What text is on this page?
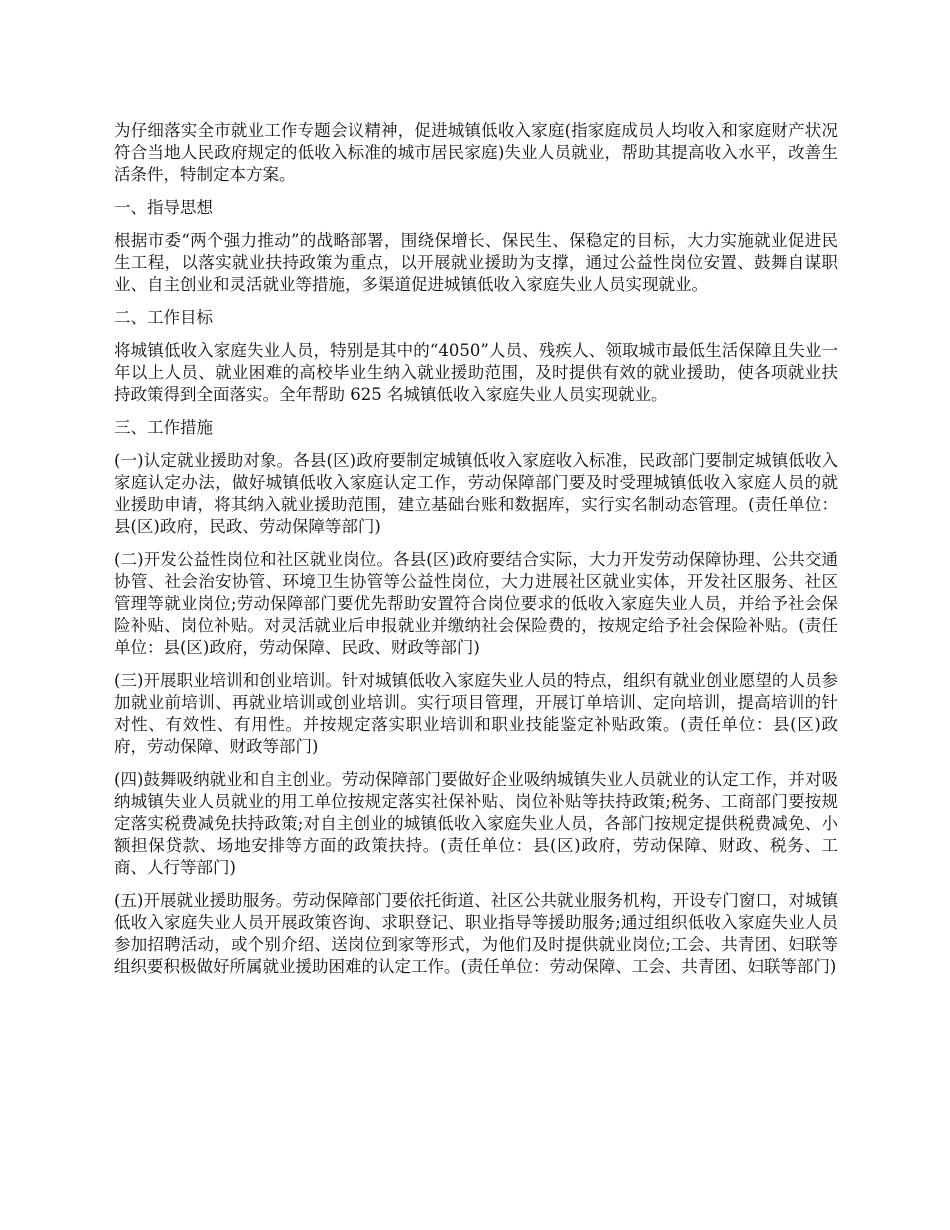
为仔细落实全市就业工作专题会议精神，促进城镇低收入家庭(指家庭成员人均收入和家庭财产状况符合当地人民政府规定的低收入标准的城市居民家庭)失业人员就业，帮助其提高收入水平，改善生活条件，特制定本方案。

一、指导思想

根据市委“两个强力推动”的战略部署，围绕保增长、保民生、保稳定的目标，大力实施就业促进民生工程，以落实就业扶持政策为重点，以开展就业援助为支撑，通过公益性岗位安置、鼓舞自谋职业、自主创业和灵活就业等措施，多渠道促进城镇低收入家庭失业人员实现就业。

二、工作目标

将城镇低收入家庭失业人员，特别是其中的“4050”人员、残疾人、领取城市最低生活保障且失业一年以上人员、就业困难的高校毕业生纳入就业援助范围，及时提供有效的就业援助，使各项就业扶持政策得到全面落实。全年帮助 625 名城镇低收入家庭失业人员实现就业。

三、工作措施

(一)认定就业援助对象。各县(区)政府要制定城镇低收入家庭收入标准，民政部门要制定城镇低收入家庭认定办法，做好城镇低收入家庭认定工作，劳动保障部门要及时受理城镇低收入家庭人员的就业援助申请，将其纳入就业援助范围，建立基础台账和数据库，实行实名制动态管理。(责任单位：县(区)政府，民政、劳动保障等部门)

(二)开发公益性岗位和社区就业岗位。各县(区)政府要结合实际，大力开发劳动保障协理、公共交通协管、社会治安协管、环境卫生协管等公益性岗位，大力进展社区就业实体，开发社区服务、社区管理等就业岗位;劳动保障部门要优先帮助安置符合岗位要求的低收入家庭失业人员，并给予社会保险补贴、岗位补贴。对灵活就业后申报就业并缴纳社会保险费的，按规定给予社会保险补贴。(责任单位：县(区)政府，劳动保障、民政、财政等部门)

(三)开展职业培训和创业培训。针对城镇低收入家庭失业人员的特点，组织有就业创业愿望的人员参加就业前培训、再就业培训或创业培训。实行项目管理，开展订单培训、定向培训，提高培训的针对性、有效性、有用性。并按规定落实职业培训和职业技能鉴定补贴政策。(责任单位：县(区)政府，劳动保障、财政等部门)

(四)鼓舞吸纳就业和自主创业。劳动保障部门要做好企业吸纳城镇失业人员就业的认定工作，并对吸纳城镇失业人员就业的用工单位按规定落实社保补贴、岗位补贴等扶持政策;税务、工商部门要按规定落实税费减免扶持政策;对自主创业的城镇低收入家庭失业人员，各部门按规定提供税费减免、小额担保贷款、场地安排等方面的政策扶持。(责任单位：县(区)政府，劳动保障、财政、税务、工商、人行等部门)

(五)开展就业援助服务。劳动保障部门要依托街道、社区公共就业服务机构，开设专门窗口，对城镇低收入家庭失业人员开展政策咨询、求职登记、职业指导等援助服务;通过组织低收入家庭失业人员参加招聘活动，或个别介绍、送岗位到家等形式，为他们及时提供就业岗位;工会、共青团、妇联等组织要积极做好所属就业援助困难的认定工作。(责任单位：劳动保障、工会、共青团、妇联等部门)
